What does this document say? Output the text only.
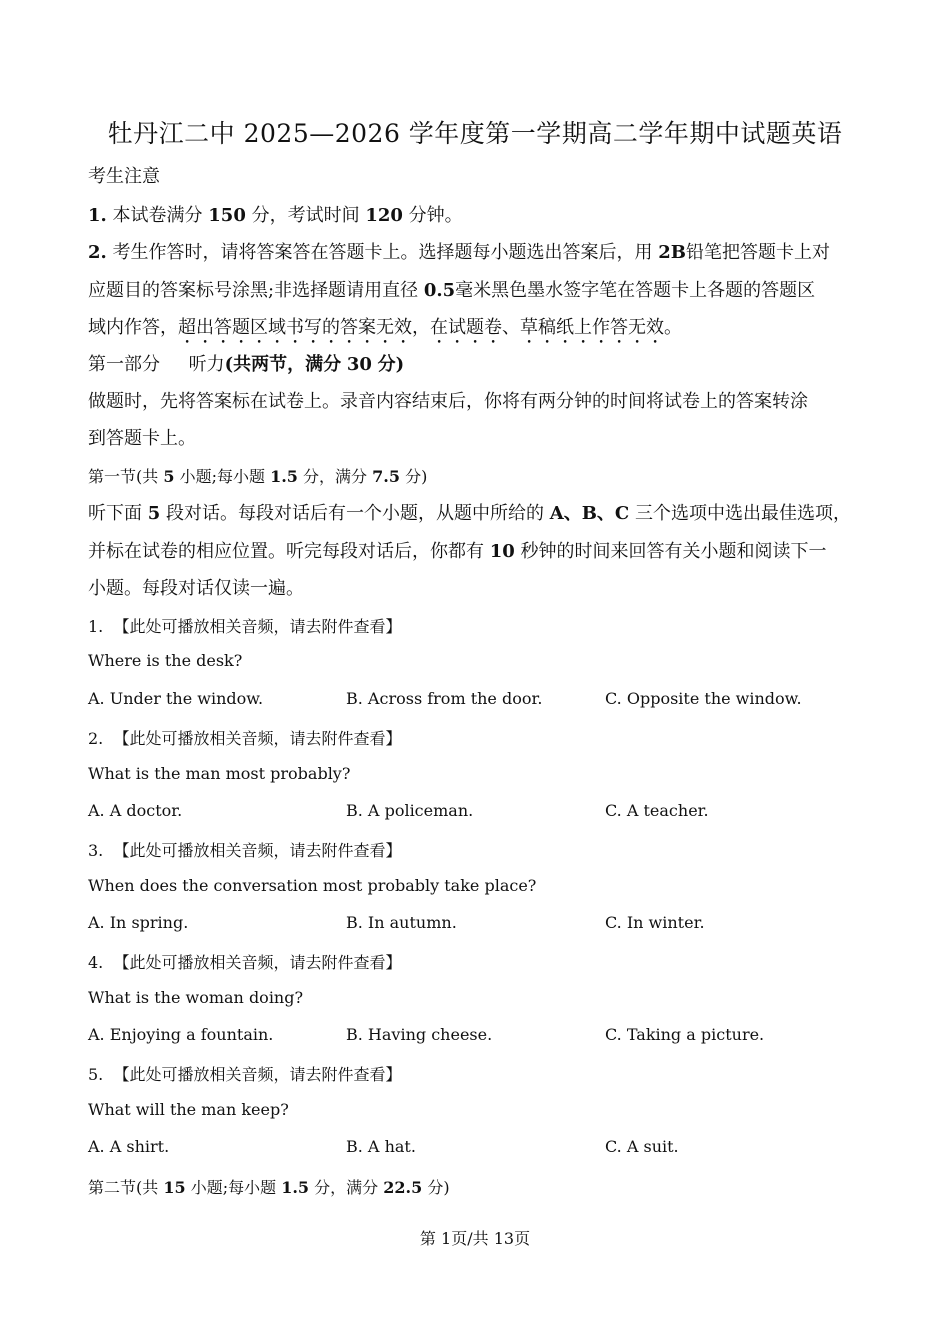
牡丹江二中 2025—2026 学年度第一学期高二学年期中试题英语
考生注意
1. 本试卷满分 150 分，考试时间 120 分钟。
2. 考生作答时，请将答案答在答题卡上。选择题每小题选出答案后，用 2B铅笔把答题卡上对
应题目的答案标号涂黑;非选择题请用直径 0.5毫米黑色墨水签字笔在答题卡上各题的答题区
域内作答，超出答题区域书写的答案无效，在试题卷、草稿纸上作答无效。
第一部分 听力(共两节，满分 30 分)
做题时，先将答案标在试卷上。录音内容结束后，你将有两分钟的时间将试卷上的答案转涂
到答题卡上。
第一节(共 5 小题;每小题 1.5 分，满分 7.5 分)
听下面 5 段对话。每段对话后有一个小题，从题中所给的 A、B、C 三个选项中选出最佳选项，
并标在试卷的相应位置。听完每段对话后，你都有 10 秒钟的时间来回答有关小题和阅读下一
小题。每段对话仅读一遍。
1. 【此处可播放相关音频，请去附件查看】
Where is the desk?
A. Under the window.	B. Across from the door.	C. Opposite the window.
2. 【此处可播放相关音频，请去附件查看】
What is the man most probably?
A. A doctor.	B. A policeman.	C. A teacher.
3. 【此处可播放相关音频，请去附件查看】
When does the conversation most probably take place?
A. In spring.	B. In autumn.	C. In winter.
4. 【此处可播放相关音频，请去附件查看】
What is the woman doing?
A. Enjoying a fountain.	B. Having cheese.	C. Taking a picture.
5. 【此处可播放相关音频，请去附件查看】
What will the man keep?
A. A shirt.	B. A hat.	C. A suit.
第二节(共 15 小题;每小题 1.5 分，满分 22.5 分)
第 1页/共 13页
